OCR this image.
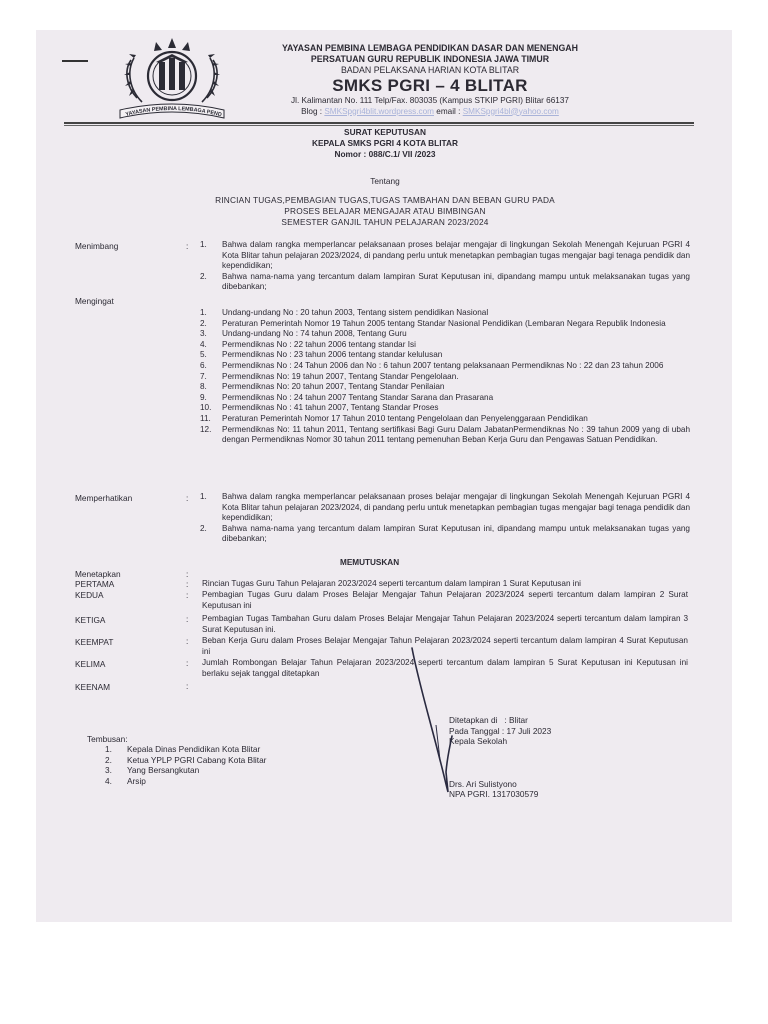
YAYASAN PEMBINA LEMBAGA PEND
YAYASAN PEMBINA LEMBAGA PENDIDIKAN DASAR DAN MENENGAH
PERSATUAN GURU REPUBLIK INDONESIA JAWA TIMUR
BADAN PELAKSANA HARIAN KOTA BLITAR
SMKS PGRI – 4 BLITAR
Jl. Kalimantan No. 111 Telp/Fax. 803035 (Kampus STKIP PGRI) Blitar 66137
Blog : SMKSpgri4blit.wordpress.com email : SMKSpgri4bl@yahoo.com
SURAT KEPUTUSAN
KEPALA SMKS PGRI 4 KOTA BLITAR
Nomor : 088/C.1/ VII /2023
Tentang
RINCIAN TUGAS,PEMBAGIAN TUGAS,TUGAS TAMBAHAN DAN BEBAN GURU PADA
PROSES BELAJAR MENGAJAR ATAU BIMBINGAN
SEMESTER GANJIL TAHUN PELAJARAN 2023/2024
Menimbang	: 1. Bahwa dalam rangka memperlancar pelaksanaan proses belajar mengajar di lingkungan Sekolah Menengah Kejuruan PGRI 4 Kota Blitar tahun pelajaran 2023/2024, di pandang perlu untuk menetapkan pembagian tugas mengajar bagi tenaga pendidik dan kependidikan;
2. Bahwa nama-nama yang tercantum dalam lampiran Surat Keputusan ini, dipandang mampu untuk melaksanakan tugas yang dibebankan;
Mengingat
1. Undang-undang No : 20 tahun 2003, Tentang sistem pendidikan Nasional
2. Peraturan Pemerintah Nomor 19 Tahun 2005 tentang Standar Nasional Pendidikan (Lembaran Negara Republik Indonesia
3. Undang-undang No : 74 tahun 2008, Tentang Guru
4. Permendiknas No : 22 tahun 2006 tentang standar Isi
5. Permendiknas No : 23 tahun 2006 tentang standar kelulusan
6. Permendiknas No : 24 Tahun 2006 dan No : 6 tahun 2007 tentang pelaksanaan Permendiknas No : 22 dan 23 tahun 2006
7. Permendiknas No: 19 tahun 2007, Tentang Standar Pengelolaan.
8. Permendiknas No: 20 tahun 2007, Tentang Standar Penilaian
9. Permendiknas No : 24 tahun 2007 Tentang Standar Sarana dan Prasarana
10. Permendiknas No : 41 tahun 2007, Tentang Standar Proses
11. Peraturan Pemerintah Nomor 17 Tahun 2010 tentang Pengelolaan dan Penyelenggaraan Pendidikan
12. Permendiknas No: 11 tahun 2011, Tentang sertifikasi Bagi Guru Dalam JabatanPermendiknas No : 39 tahun 2009 yang di ubah dengan Permendiknas Nomor 30 tahun 2011 tentang pemenuhan Beban Kerja Guru dan Pengawas Satuan Pendidikan.
Memperhatikan	: 1. Bahwa dalam rangka memperlancar pelaksanaan proses belajar mengajar di lingkungan Sekolah Menengah Kejuruan PGRI 4 Kota Blitar tahun pelajaran 2023/2024, di pandang perlu untuk menetapkan pembagian tugas mengajar bagi tenaga pendidik dan kependidikan;
2. Bahwa nama-nama yang tercantum dalam lampiran Surat Keputusan ini, dipandang mampu untuk melaksanakan tugas yang dibebankan;
MEMUTUSKAN
Menetapkan	:
PERTAMA	: Rincian Tugas Guru Tahun Pelajaran 2023/2024 seperti tercantum dalam lampiran 1 Surat Keputusan ini
KEDUA	: Pembagian Tugas Guru dalam Proses Belajar Mengajar Tahun Pelajaran 2023/2024 seperti tercantum dalam lampiran 2 Surat Keputusan ini
KETIGA	: Pembagian Tugas Tambahan Guru dalam Proses Belajar Mengajar Tahun Pelajaran 2023/2024 seperti tercantum dalam lampiran 3 Surat Keputusan ini.
KEEMPAT	: Beban Kerja Guru dalam Proses Belajar Mengajar Tahun Pelajaran 2023/2024 seperti tercantum dalam lampiran 4 Surat Keputusan ini
KELIMA	: Jumlah Rombongan Belajar Tahun Pelajaran 2023/2024 seperti tercantum dalam lampiran 5 Surat Keputusan ini Keputusan ini berlaku sejak tanggal ditetapkan
KEENAM	:
Ditetapkan di : Blitar
Pada Tanggal : 17 Juli 2023
Kepala Sekolah
Drs. Ari Sulistyono
NPA PGRI. 1317030579
Tembusan:
1. Kepala Dinas Pendidikan Kota Blitar
2. Ketua YPLP PGRI Cabang Kota Blitar
3. Yang Bersangkutan
4. Arsip
